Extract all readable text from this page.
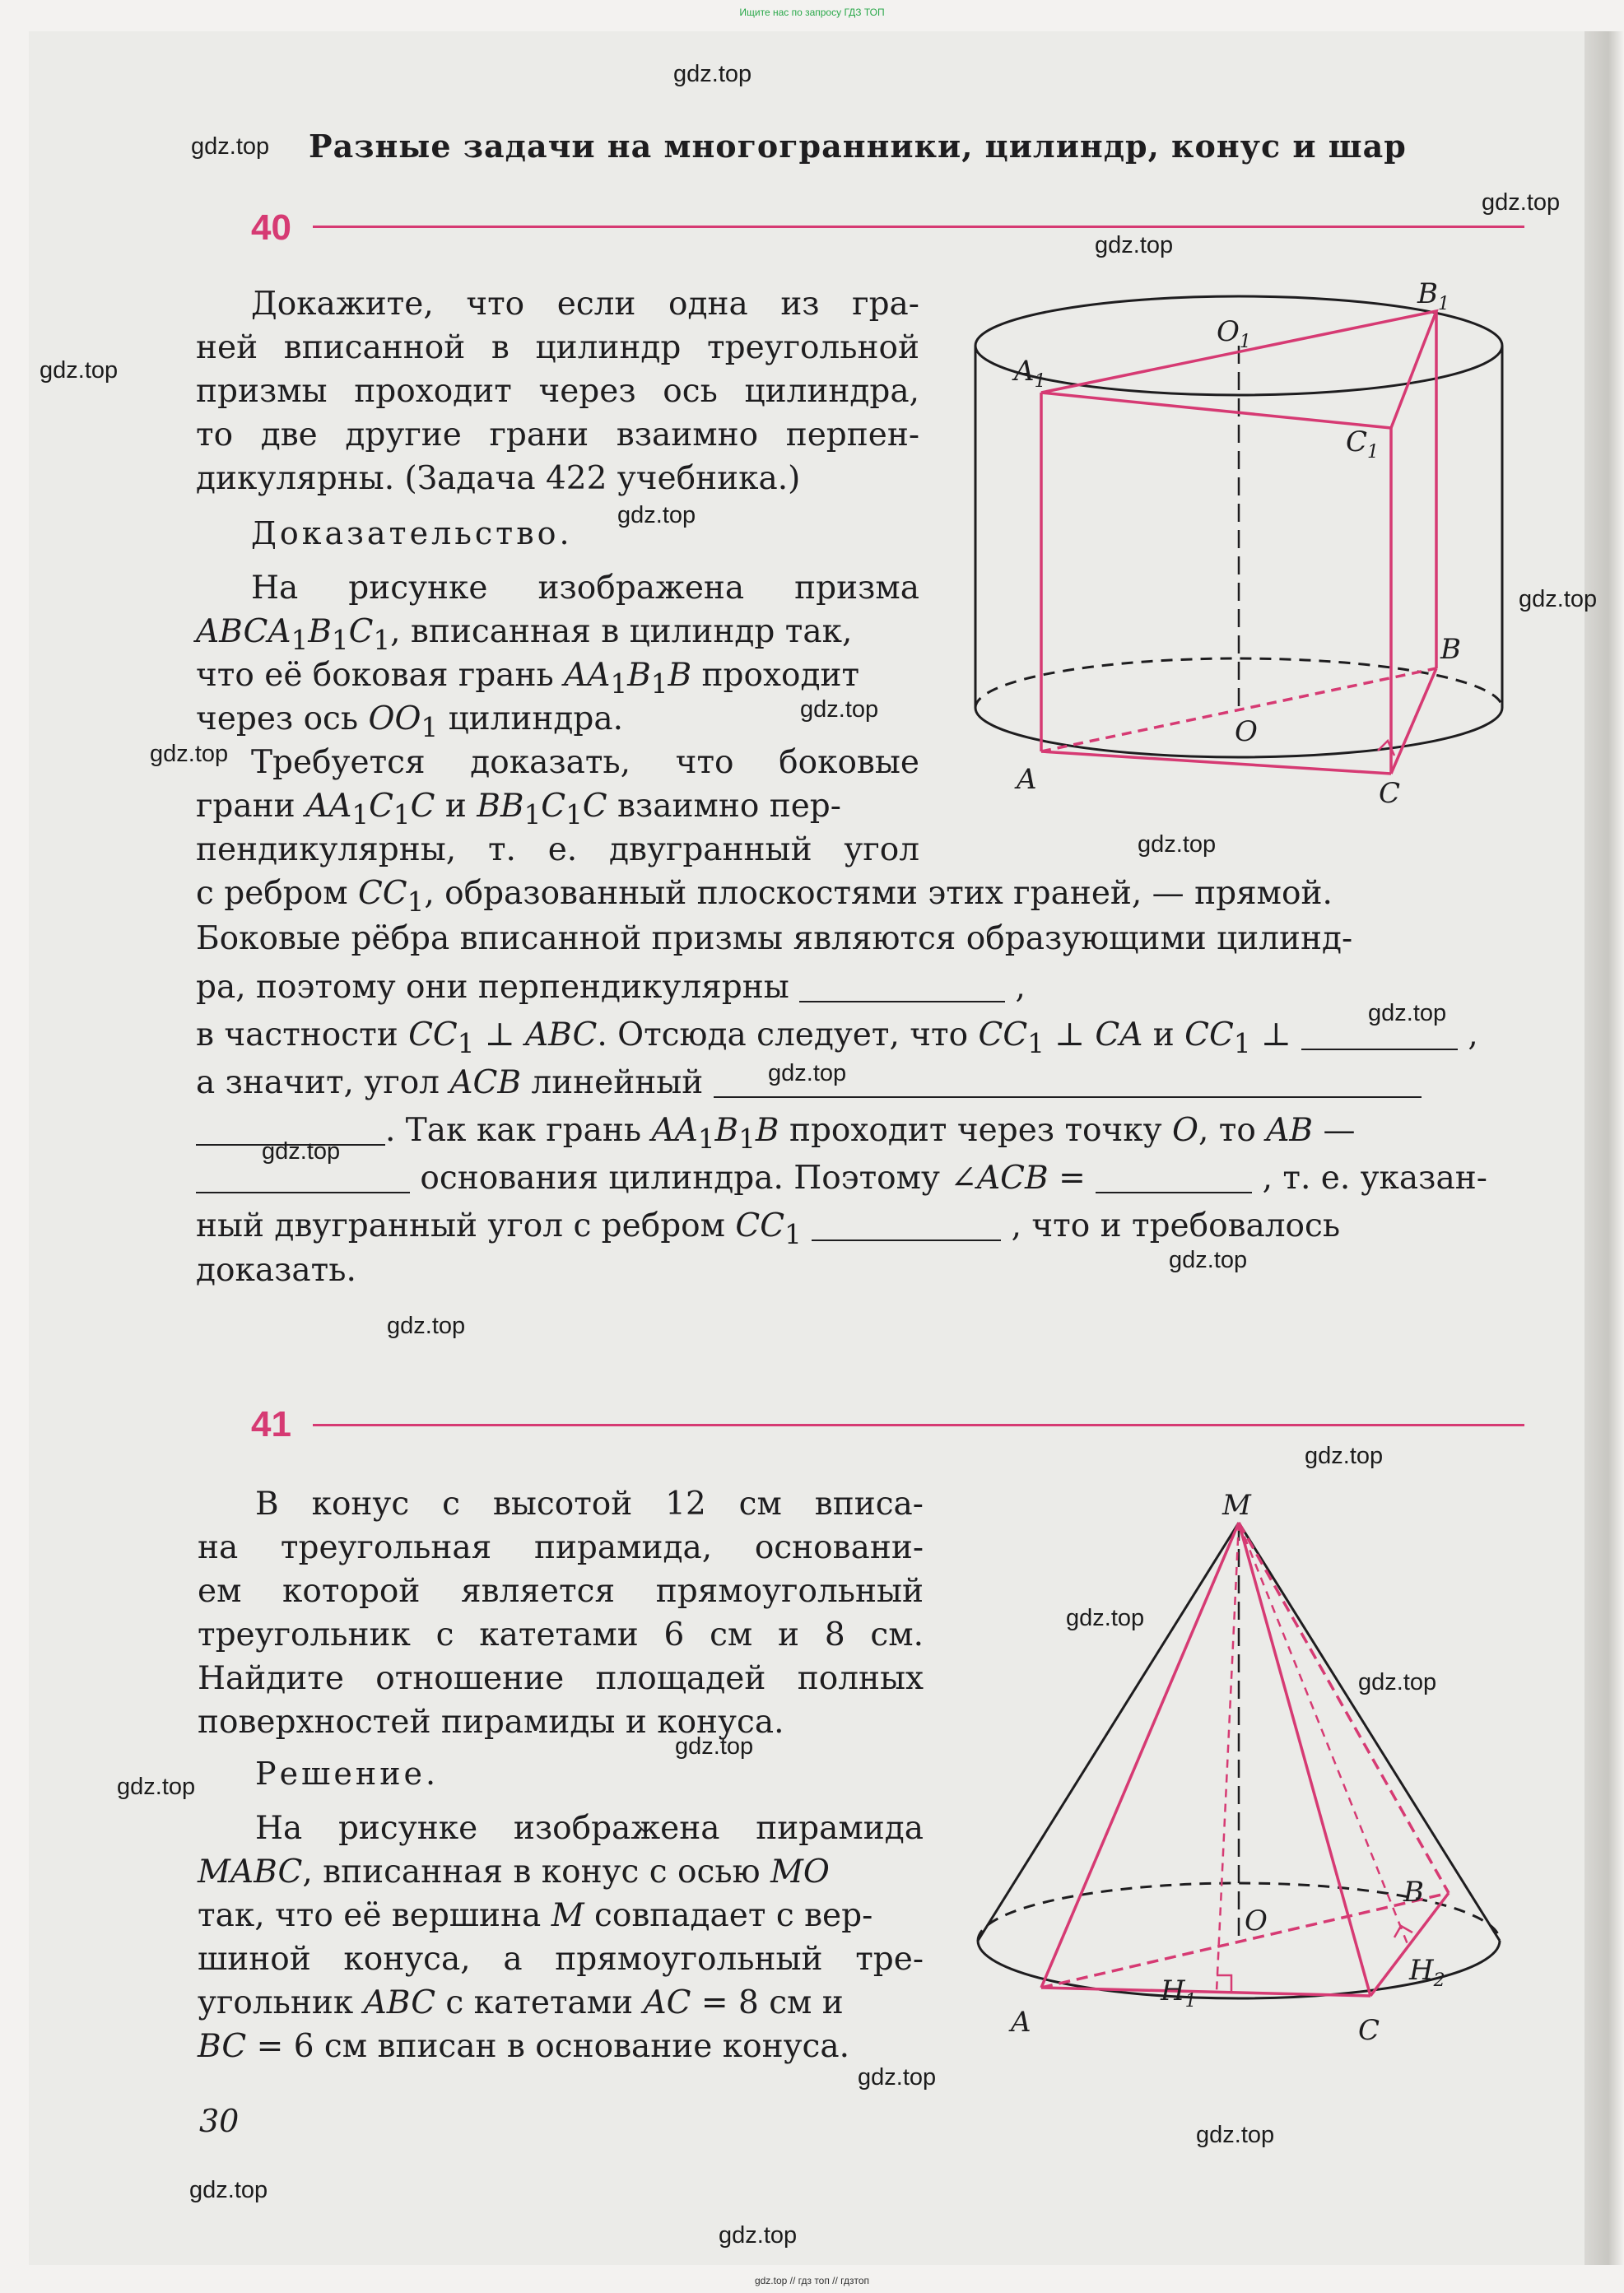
Ищите нас по запросу ГДЗ ТОП
gdz.top
gdz.top
gdz.top
gdz.top
gdz.top
gdz.top
gdz.top
gdz.top
gdz.top
gdz.top
gdz.top
gdz.top
gdz.top
gdz.top
gdz.top
gdz.top
gdz.top
gdz.top
gdz.top
gdz.top
gdz.top
gdz.top
gdz.top
gdz.top
Разные задачи на многогранники, цилиндр, конус и шар
40
Докажите, что если одна из гра-
ней вписанной в цилиндр треугольной
призмы проходит через ось цилиндра,
то две другие грани взаимно перпен-
дикулярны. (Задача 422 учебника.)
Доказательство.
На рисунке изображена призма
$ABCA_1B_1C_1$, вписанная в цилиндр так,
что её боковая грань $AA_1B_1B$ проходит
через ось $OO_1$ цилиндра.
Требуется доказать, что боковые
грани $AA_1C_1C$ и $BB_1C_1C$ взаимно пер-
пендикулярны, т. е. двугранный угол
с ребром $CC_1$, образованный плоскостями этих граней, — прямой.
Боковые рёбра вписанной призмы являются образующими цилинд-
ра, поэтому они перпендикулярны	,
в частности $CC_1$ ⊥ ABC. Отсюда следует, что $CC_1$ ⊥ CA и $CC_1$ ⊥	,
а значит, угол ACB линейный
. Так как грань $AA_1B_1B$ проходит через точку O, то AB —
основания цилиндра. Поэтому ∠ACB =	, т. е. указан-
ный двугранный угол с ребром $CC_1$	, что и требовалось
доказать.
41
В конус с высотой 12 см вписа-
на треугольная пирамида, основани-
ем которой является прямоугольный
треугольник с катетами 6 см и 8 см.
Найдите отношение площадей полных
поверхностей пирамиды и конуса.
Решение.
На рисунке изображена пирамида
MABC, вписанная в конус с осью MO
так, что её вершина M совпадает с вер-
шиной конуса, а прямоугольный тре-
угольник ABC с катетами AC = 8 см и
BC = 6 см вписан в основание конуса.
30
$A_1$
$B_1$
$C_1$
$O_1$
A
B
C
O
M
A
B
C
O
$H_1$
$H_2$
gdz.top // гдз топ // гдзтоп
